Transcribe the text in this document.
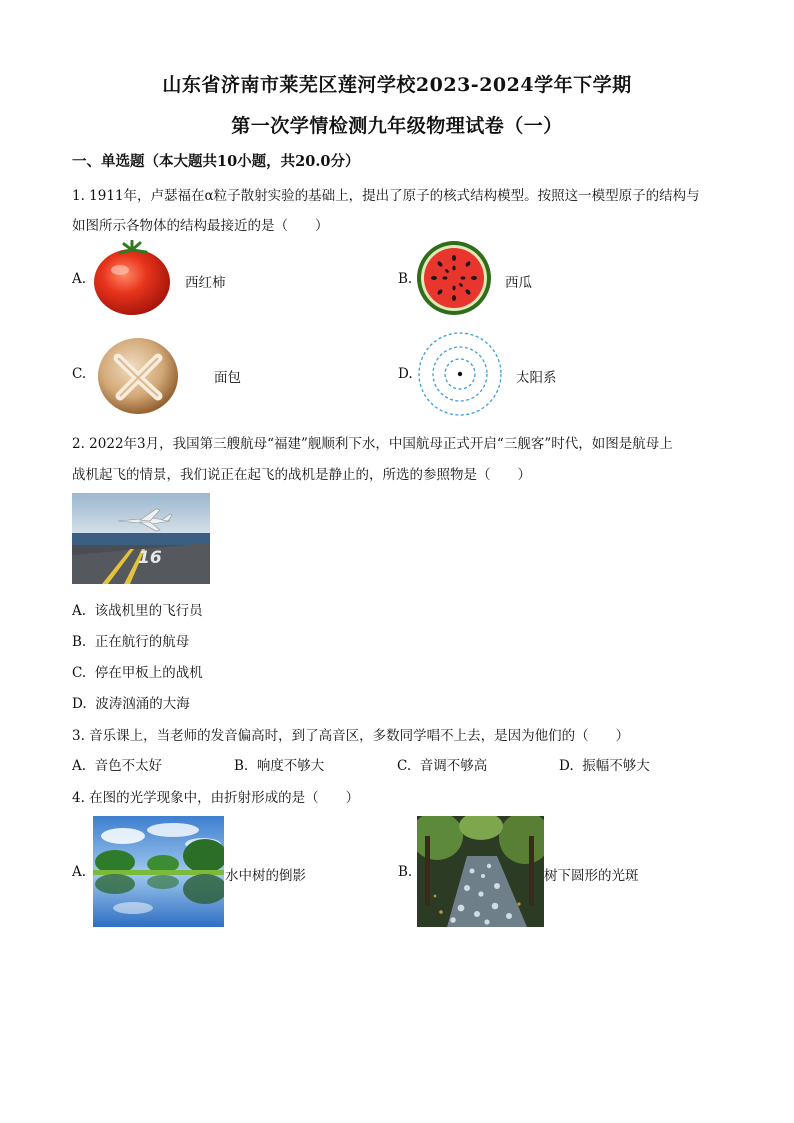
山东省济南市莱芜区莲河学校2023-2024学年下学期
第一次学情检测九年级物理试卷（一）
一、单选题（本大题共10小题，共20.0分）
1. 1911年，卢瑟福在α粒子散射实验的基础上，提出了原子的核式结构模型。按照这一模型原子的结构与
如图所示各物体的结构最接近的是（　　）
A.	西红柿	B.	西瓜
C.	面包	D.	太阳系
2. 2022年3月，我国第三艘航母“福建”舰顺利下水，中国航母正式开启“三舰客”时代，如图是航母上
战机起飞的情景，我们说正在起飞的战机是静止的，所选的参照物是（　　）
16
A. 该战机里的飞行员
B. 正在航行的航母
C. 停在甲板上的战机
D. 波涛汹涌的大海
3. 音乐课上，当老师的发音偏高时，到了高音区，多数同学唱不上去，是因为他们的（　　）
A. 音色不太好	B. 响度不够大	C. 音调不够高	D. 振幅不够大
4. 在图的光学现象中，由折射形成的是（　　）
A.	水中树的倒影	B.	树下圆形的光斑
